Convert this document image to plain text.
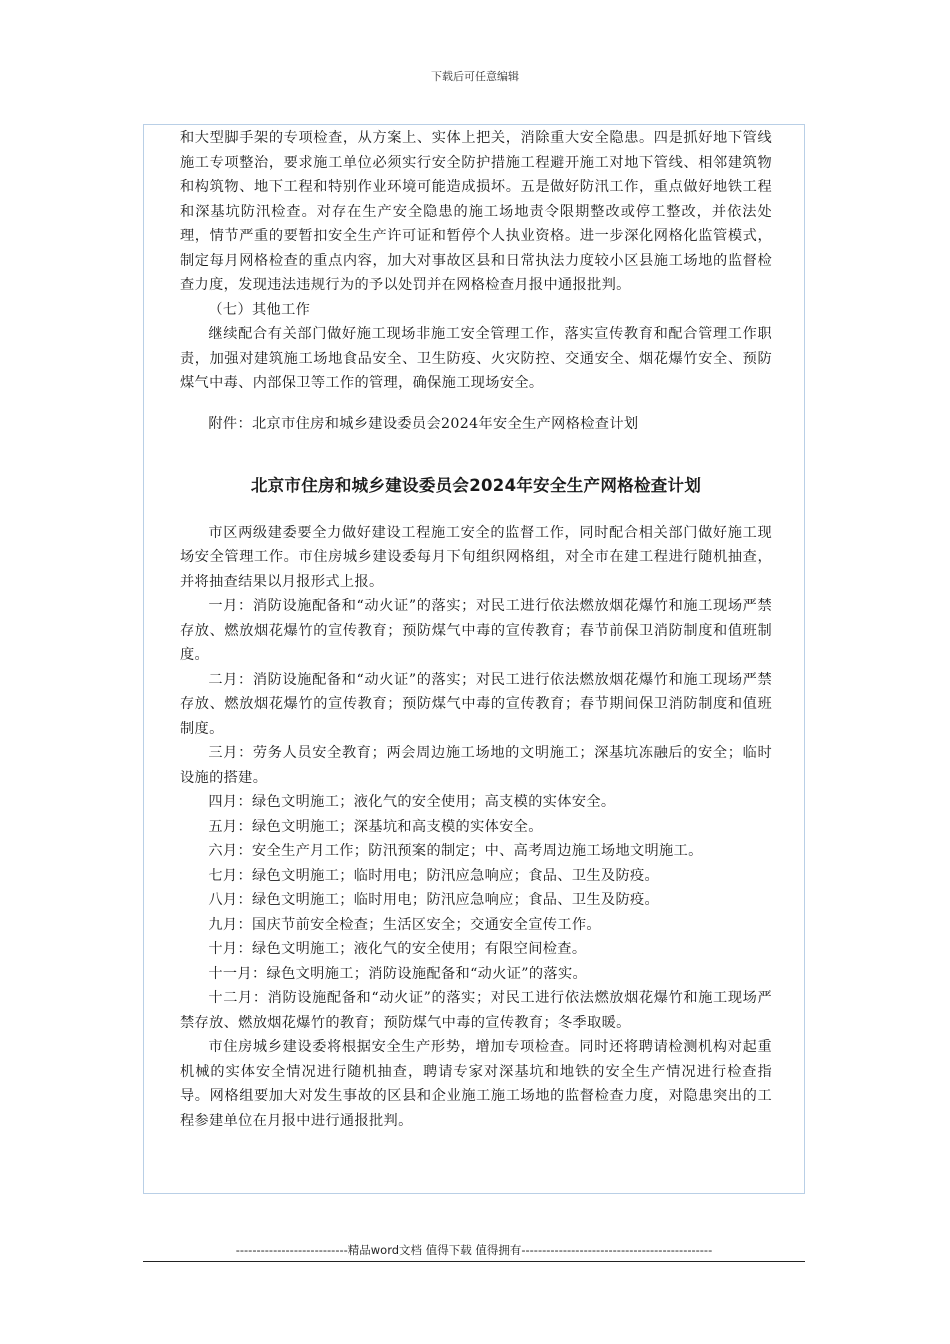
下载后可任意编辑

和大型脚手架的专项检查，从方案上、实体上把关，消除重大安全隐患。四是抓好地下管线施工专项整治，要求施工单位必须实行安全防护措施工程避开施工对地下管线、相邻建筑物和构筑物、地下工程和特别作业环境可能造成损坏。五是做好防汛工作，重点做好地铁工程和深基坑防汛检查。对存在生产安全隐患的施工场地责令限期整改或停工整改，并依法处理，情节严重的要暂扣安全生产许可证和暂停个人执业资格。进一步深化网格化监管模式，制定每月网格检查的重点内容，加大对事故区县和日常执法力度较小区县施工场地的监督检查力度，发现违法违规行为的予以处罚并在网格检查月报中通报批判。

（七）其他工作

继续配合有关部门做好施工现场非施工安全管理工作，落实宣传教育和配合管理工作职责，加强对建筑施工场地食品安全、卫生防疫、火灾防控、交通安全、烟花爆竹安全、预防煤气中毒、内部保卫等工作的管理，确保施工现场安全。

附件：北京市住房和城乡建设委员会2024年安全生产网格检查计划

北京市住房和城乡建设委员会2024年安全生产网格检查计划

市区两级建委要全力做好建设工程施工安全的监督工作，同时配合相关部门做好施工现场安全管理工作。市住房城乡建设委每月下旬组织网格组，对全市在建工程进行随机抽查，并将抽查结果以月报形式上报。

一月：消防设施配备和“动火证”的落实；对民工进行依法燃放烟花爆竹和施工现场严禁存放、燃放烟花爆竹的宣传教育；预防煤气中毒的宣传教育；春节前保卫消防制度和值班制度。

二月：消防设施配备和“动火证”的落实；对民工进行依法燃放烟花爆竹和施工现场严禁存放、燃放烟花爆竹的宣传教育；预防煤气中毒的宣传教育；春节期间保卫消防制度和值班制度。

三月：劳务人员安全教育；两会周边施工场地的文明施工；深基坑冻融后的安全；临时设施的搭建。

四月：绿色文明施工；液化气的安全使用；高支模的实体安全。

五月：绿色文明施工；深基坑和高支模的实体安全。

六月：安全生产月工作；防汛预案的制定；中、高考周边施工场地文明施工。

七月：绿色文明施工；临时用电；防汛应急响应；食品、卫生及防疫。

八月：绿色文明施工；临时用电；防汛应急响应；食品、卫生及防疫。

九月：国庆节前安全检查；生活区安全；交通安全宣传工作。

十月：绿色文明施工；液化气的安全使用；有限空间检查。

十一月：绿色文明施工；消防设施配备和“动火证”的落实。

十二月：消防设施配备和“动火证”的落实；对民工进行依法燃放烟花爆竹和施工现场严禁存放、燃放烟花爆竹的教育；预防煤气中毒的宣传教育；冬季取暖。

市住房城乡建设委将根据安全生产形势，增加专项检查。同时还将聘请检测机构对起重机械的实体安全情况进行随机抽查，聘请专家对深基坑和地铁的安全生产情况进行检查指导。网格组要加大对发生事故的区县和企业施工施工场地的监督检查力度，对隐患突出的工程参建单位在月报中进行通报批判。

---------------------------精品word文档 值得下载 值得拥有----------------------------------------------
